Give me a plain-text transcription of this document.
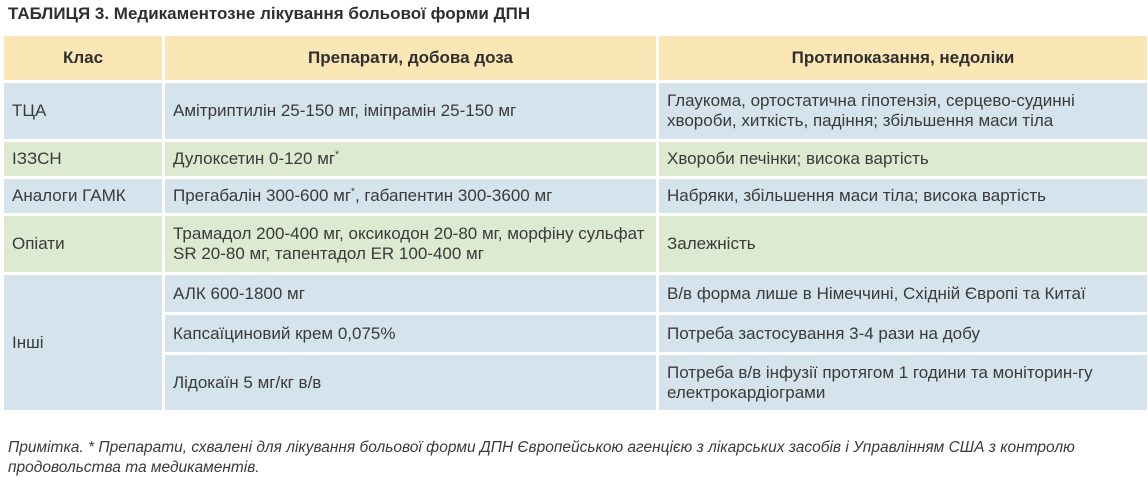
ТАБЛИЦЯ 3. Медикаментозне лікування больової форми ДПН
Клас	Препарати, добова доза	Протипоказання, недоліки
ТЦА	Амітриптилін 25-150 мг, іміпрамін 25-150 мг	Глаукома, ортостатична гіпотензія, серцево-судинні хвороби, хиткість, падіння; збільшення маси тіла
ІЗЗСН	Дулоксетин 0-120 мг*	Хвороби печінки; висока вартість
Аналоги ГАМК	Прегабалін 300-600 мг*, габапентин 300-3600 мг	Набряки, збільшення маси тіла; висока вартість
Опіати	Трамадол 200-400 мг, оксикодон 20-80 мг, морфіну сульфат SR 20-80 мг, тапентадол ER 100-400 мг	Залежність
Інші	АЛК 600-1800 мг	В/в форма лише в Німеччині, Східній Європі та Китаї
	Капсаїциновий крем 0,075%	Потреба застосування 3-4 рази на добу
	Лідокаїн 5 мг/кг в/в	Потреба в/в інфузії протягом 1 години та моніторин-гу електрокардіограми

Примітка. * Препарати, схвалені для лікування больової форми ДПН Європейською агенцією з лікарських засобів і Управлінням США з контролю продовольства та медикаментів.
